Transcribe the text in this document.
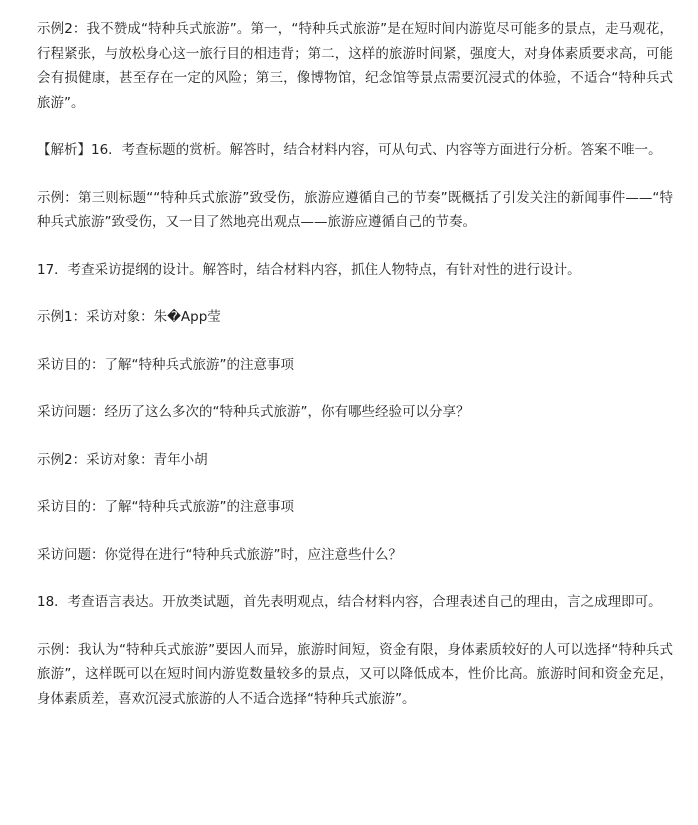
示例2：我不赞成“特种兵式旅游”。第一，“特种兵式旅游”是在短时间内游览尽可能多的景点，走马观花，行程紧张，与放松身心这一旅行目的相违背；第二，这样的旅游时间紧，强度大，对身体素质要求高，可能会有损健康，甚至存在一定的风险；第三，像博物馆，纪念馆等景点需要沉浸式的体验，不适合“特种兵式旅游”。

【解析】16．考查标题的赏析。解答时，结合材料内容，可从句式、内容等方面进行分析。答案不唯一。

示例：第三则标题““特种兵式旅游”致受伤，旅游应遵循自己的节奏”既概括了引发关注的新闻事件——“特种兵式旅游”致受伤，又一目了然地亮出观点——旅游应遵循自己的节奏。

17．考查采访提纲的设计。解答时，结合材料内容，抓住人物特点，有针对性的进行设计。

示例1：采访对象：朱�App莹

采访目的：了解“特种兵式旅游”的注意事项

采访问题：经历了这么多次的“特种兵式旅游”，你有哪些经验可以分享？

示例2：采访对象：青年小胡

采访目的：了解“特种兵式旅游”的注意事项

采访问题：你觉得在进行“特种兵式旅游”时，应注意些什么？

18．考查语言表达。开放类试题，首先表明观点，结合材料内容，合理表述自己的理由，言之成理即可。

示例：我认为“特种兵式旅游”要因人而异，旅游时间短，资金有限，身体素质较好的人可以选择“特种兵式旅游”，这样既可以在短时间内游览数量较多的景点，又可以降低成本，性价比高。旅游时间和资金充足，身体素质差，喜欢沉浸式旅游的人不适合选择“特种兵式旅游”。
